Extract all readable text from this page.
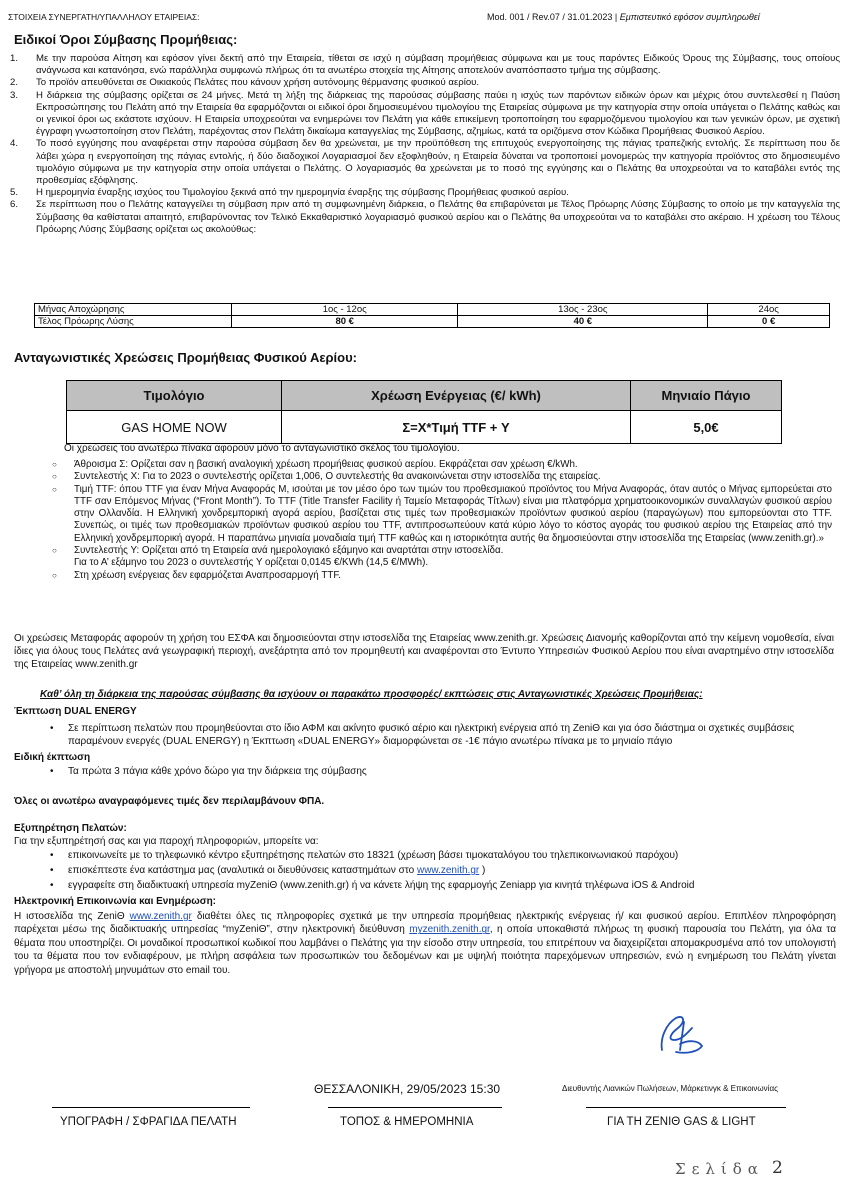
ΣΤΟΙΧΕΙΑ ΣΥΝΕΡΓΑΤΗ/ΥΠΑΛΛΗΛΟΥ ΕΤΑΙΡΕΙΑΣ:	Mod. 001 / Rev.07 / 31.01.2023 | Εμπιστευτικό εφόσον συμπληρωθεί
Ειδικοί Όροι Σύμβασης Προμήθειας:
1.	Με την παρούσα Αίτηση και εφόσον γίνει δεκτή από την Εταιρεία, τίθεται σε ισχύ η σύμβαση προμήθειας σύμφωνα και με τους παρόντες Ειδικούς Όρους της Σύμβασης, τους οποίους ανάγνωσα και κατανόησα, ενώ παράλληλα συμφωνώ πλήρως ότι τα ανωτέρω στοιχεία της Αίτησης αποτελούν αναπόσπαστο τμήμα της σύμβασης.
2.	Το προϊόν απευθύνεται σε Οικιακούς Πελάτες που κάνουν χρήση αυτόνομης θέρμανσης φυσικού αερίου.
3.	Η διάρκεια της σύμβασης ορίζεται σε 24 μήνες. Μετά τη λήξη της διάρκειας της παρούσας σύμβασης παύει η ισχύς των παρόντων ειδικών όρων και μέχρις ότου συντελεσθεί η Παύση Εκπροσώπησης του Πελάτη από την Εταιρεία θα εφαρμόζονται οι ειδικοί όροι δημοσιευμένου τιμολογίου της Εταιρείας σύμφωνα με την κατηγορία στην οποία υπάγεται ο Πελάτης καθώς και οι γενικοί όροι ως εκάστοτε ισχύουν. Η Εταιρεία υποχρεούται να ενημερώνει τον Πελάτη για κάθε επικείμενη τροποποίηση του εφαρμοζόμενου τιμολογίου και των γενικών όρων, με σχετική έγγραφη γνωστοποίηση στον Πελάτη, παρέχοντας στον Πελάτη δικαίωμα καταγγελίας της Σύμβασης, αζημίως, κατά τα οριζόμενα στον Κώδικα Προμήθειας Φυσικού Αερίου.
4.	Το ποσό εγγύησης που αναφέρεται στην παρούσα σύμβαση δεν θα χρεώνεται, με την προϋπόθεση της επιτυχούς ενεργοποίησης της πάγιας τραπεζικής εντολής. Σε περίπτωση που δε λάβει χώρα η ενεργοποίηση της πάγιας εντολής, ή δύο διαδοχικοί Λογαριασμοί δεν εξοφληθούν, η Εταιρεία δύναται να τροποποιεί μονομερώς την κατηγορία προϊόντος στο δημοσιευμένο τιμολόγιο σύμφωνα με την κατηγορία στην οποία υπάγεται ο Πελάτης. Ο λογαριασμός θα χρεώνεται με το ποσό της εγγύησης και ο Πελάτης θα υποχρεούται να το καταβάλει εντός της προθεσμίας εξόφλησης.
5.	Η ημερομηνία έναρξης ισχύος του Τιμολογίου ξεκινά από την ημερομηνία έναρξης της σύμβασης Προμήθειας φυσικού αερίου.
6.	Σε περίπτωση που ο Πελάτης καταγγείλει τη σύμβαση πριν από τη συμφωνημένη διάρκεια, ο Πελάτης θα επιβαρύνεται με Τέλος Πρόωρης Λύσης Σύμβασης το οποίο με την καταγγελία της Σύμβασης θα καθίσταται απαιτητό, επιβαρύνοντας τον Τελικό Εκκαθαριστικό λογαριασμό φυσικού αερίου και ο Πελάτης θα υποχρεούται να το καταβάλει στο ακέραιο. Η χρέωση του Τέλους Πρόωρης Λύσης Σύμβασης ορίζεται ως ακολούθως:
Μήνας Αποχώρησης	1ος - 12ος	13ος - 23ος	24ος
Τέλος Πρόωρης Λύσης	80 €	40 €	0 €
Ανταγωνιστικές Χρεώσεις Προμήθειας Φυσικού Αερίου:
Τιμολόγιο	Χρέωση Ενέργειας (€/ kWh)	Μηνιαίο Πάγιο
GAS HOME NOW	Σ=Χ*Τιμή TTF + Υ	5,0€
Οι χρεώσεις του ανωτέρω πίνακα αφορούν μόνο το ανταγωνιστικό σκέλος του τιμολογίου.
○	Άθροισμα Σ: Ορίζεται σαν η βασική αναλογική χρέωση προμήθειας φυσικού αερίου. Εκφράζεται σαν χρέωση €/kWh.
○	Συντελεστής Χ: Για το 2023 ο συντελεστής ορίζεται 1,006, Ο συντελεστής θα ανακοινώνεται στην ιστοσελίδα της εταιρείας.
○	Τιμή TTF: όπου TTF για έναν Μήνα Αναφοράς Μ, ισούται με τον μέσο όρο των τιμών του προθεσμιακού προϊόντος του Μήνα Αναφοράς, όταν αυτός ο Μήνας εμπορεύεται στο TTF σαν Επόμενος Μήνας (“Front Month”). Το TTF (Title Transfer Facility ή Ταμείο Μεταφοράς Τίτλων) είναι μια πλατφόρμα χρηματοοικονομικών συναλλαγών φυσικού αερίου στην Ολλανδία. Η Ελληνική χονδρεμπορική αγορά αερίου, βασίζεται στις τιμές των προθεσμιακών προϊόντων φυσικού αερίου (παραγώγων) που εμπορεύονται στο TTF. Συνεπώς, οι τιμές των προθεσμιακών προϊόντων φυσικού αερίου του TTF, αντιπροσωπεύουν κατά κύριο λόγο το κόστος αγοράς του φυσικού αερίου της Εταιρείας από την Ελληνική χονδρεμπορική αγορά. Η παραπάνω μηνιαία μοναδιαία τιμή TTF καθώς και η ιστορικότητα αυτής θα δημοσιεύονται στην ιστοσελίδα της Εταιρείας (www.zenith.gr).»
○	Συντελεστής Υ: Ορίζεται από τη Εταιρεία ανά ημερολογιακό εξάμηνο και αναρτάται στην ιστοσελίδα.
Για το Α’ εξάμηνο του 2023 ο συντελεστής Υ ορίζεται 0,0145 €/KWh (14,5 €/MWh).
○	Στη χρέωση ενέργειας δεν εφαρμόζεται Αναπροσαρμογή TTF.
Οι χρεώσεις Μεταφοράς αφορούν τη χρήση του ΕΣΦΑ και δημοσιεύονται στην ιστοσελίδα της Εταιρείας www.zenith.gr. Χρεώσεις Διανομής καθορίζονται από την κείμενη νομοθεσία, είναι ίδιες για όλους τους Πελάτες ανά γεωγραφική περιοχή, ανεξάρτητα από τον προμηθευτή και αναφέρονται στο Έντυπο Υπηρεσιών Φυσικού Αερίου που είναι αναρτημένο στην ιστοσελίδα της Εταιρείας www.zenith.gr
Καθ’ όλη τη διάρκεια της παρούσας σύμβασης θα ισχύουν οι παρακάτω προσφορές/ εκπτώσεις στις Ανταγωνιστικές Χρεώσεις Προμήθειας:
Έκπτωση DUAL ENERGY
•	Σε περίπτωση πελατών που προμηθεύονται στο ίδιο ΑΦΜ και ακίνητο φυσικό αέριο και ηλεκτρική ενέργεια από τη ΖeniΘ και για όσο διάστημα οι σχετικές συμβάσεις παραμένουν ενεργές (DUAL ENERGY) η Έκπτωση «DUAL ENERGY» διαμορφώνεται σε -1€ πάγιο ανωτέρω πίνακα με το μηνιαίο πάγιο
Ειδική έκπτωση
•	Τα πρώτα 3 πάγια κάθε χρόνο δώρο για την διάρκεια της σύμβασης
Όλες οι ανωτέρω αναγραφόμενες τιμές δεν περιλαμβάνουν ΦΠΑ.
Εξυπηρέτηση Πελατών:
Για την εξυπηρέτησή σας και για παροχή πληροφοριών, μπορείτε να:
•	επικοινωνείτε με το τηλεφωνικό κέντρο εξυπηρέτησης πελατών στο 18321 (χρέωση βάσει τιμοκαταλόγου του τηλεπικοινωνιακού παρόχου)
•	επισκέπτεστε ένα κατάστημα μας (αναλυτικά οι διευθύνσεις καταστημάτων στο www.zenith.gr )
•	εγγραφείτε στη διαδικτυακή υπηρεσία myZeniΘ (www.zenith.gr) ή να κάνετε λήψη της εφαρμογής Zeniapp για κινητά τηλέφωνα iOS & Android
Ηλεκτρονική Επικοινωνία και Ενημέρωση:
Η ιστοσελίδα της ΖeniΘ www.zenith.gr διαθέτει όλες τις πληροφορίες σχετικά με την υπηρεσία προμήθειας ηλεκτρικής ενέργειας ή/ και φυσικού αερίου. Επιπλέον πληροφόρηση παρέχεται μέσω της διαδικτυακής υπηρεσίας “myZeniΘ”, στην ηλεκτρονική διεύθυνση myzenith.zenith.gr, η οποία υποκαθιστά πλήρως τη φυσική παρουσία του Πελάτη, για όλα τα θέματα που υποστηρίζει. Οι μοναδικοί προσωπικοί κωδικοί που λαμβάνει ο Πελάτης για την είσοδο στην υπηρεσία, του επιτρέπουν να διαχειρίζεται απομακρυσμένα από τον υπολογιστή του τα θέματα που τον ενδιαφέρουν, με πλήρη ασφάλεια των προσωπικών του δεδομένων και με υψηλή ποιότητα παρεχόμενων υπηρεσιών, ενώ η ενημέρωση του Πελάτη γίνεται γρήγορα με αποστολή μηνυμάτων στο email του.
ΘΕΣΣΑΛΟΝΙΚΗ, 29/05/2023 15:30	Διευθυντής Λιανικών Πωλήσεων, Μάρκετινγκ & Επικοινωνίας
ΥΠΟΓΡΑΦΗ / ΣΦΡΑΓΙΔΑ ΠΕΛΑΤΗ	ΤΟΠΟΣ & ΗΜΕΡΟΜΗΝΙΑ	ΓΙΑ ΤΗ ΖΕΝΙΘ GAS & LIGHT
Σελίδα 2
